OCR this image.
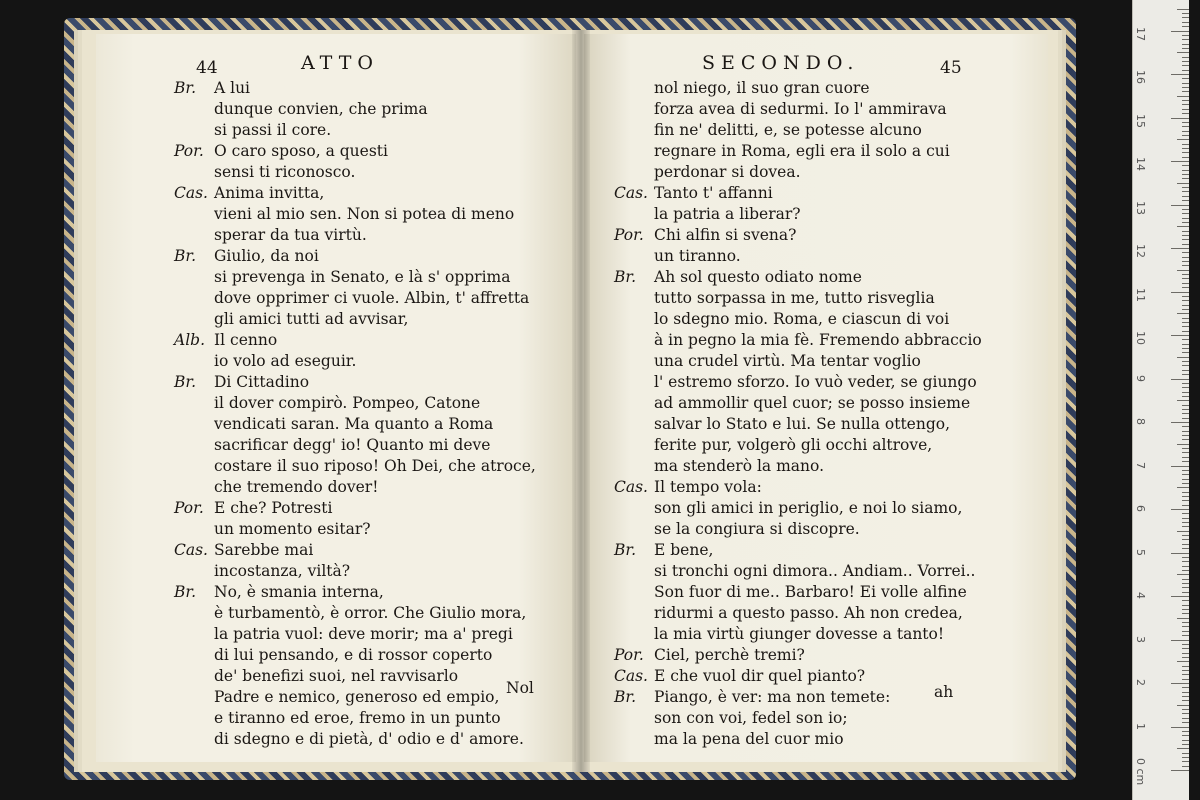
44	ATTO
Br. A lui
dunque convien, che prima
si passi il core.
Por. O caro sposo, a questi
sensi ti riconosco.
Cas. Anima invitta,
vieni al mio sen. Non si potea di meno
sperar da tua virtù.
Br. Giulio, da noi
si prevenga in Senato, e là s' opprima
dove opprimer ci vuole. Albin, t' affretta
gli amici tutti ad avvisar,
Alb. Il cenno
io volo ad eseguir.
Br. Di Cittadino
il dover compirò. Pompeo, Catone
vendicati saran. Ma quanto a Roma
sacrificar degg' io! Quanto mi deve
costare il suo riposo! Oh Dei, che atroce,
che tremendo dover!
Por. E che? Potresti
un momento esitar?
Cas. Sarebbe mai
incostanza, viltà?
Br. No, è smania interna,
è turbamentò, è orror. Che Giulio mora,
la patria vuol: deve morir; ma a' pregi
di lui pensando, e di rossor coperto
de' benefizi suoi, nel ravvisarlo
Padre e nemico, generoso ed empio,
e tiranno ed eroe, fremo in un punto
di sdegno e di pietà, d' odio e d' amore.
Nol
SECONDO.	45
nol niego, il suo gran cuore
forza avea di sedurmi. Io l' ammirava
fin ne' delitti, e, se potesse alcuno
regnare in Roma, egli era il solo a cui
perdonar si dovea.
Cas. Tanto t' affanni
la patria a liberar?
Por. Chi alfin si svena?
un tiranno.
Br. Ah sol questo odiato nome
tutto sorpassa in me, tutto risveglia
lo sdegno mio. Roma, e ciascun di voi
à in pegno la mia fè. Fremendo abbraccio
una crudel virtù. Ma tentar voglio
l' estremo sforzo. Io vuò veder, se giungo
ad ammollir quel cuor; se posso insieme
salvar lo Stato e lui. Se nulla ottengo,
ferite pur, volgerò gli occhi altrove,
ma stenderò la mano.
Cas. Il tempo vola:
son gli amici in periglio, e noi lo siamo,
se la congiura si discopre.
Br. E bene,
si tronchi ogni dimora.. Andiam.. Vorrei..
Son fuor di me.. Barbaro! Ei volle alfine
ridurmi a questo passo. Ah non credea,
la mia virtù giunger dovesse a tanto!
Por. Ciel, perchè tremi?
Cas. E che vuol dir quel pianto?
Br. Piango, è ver: ma non temete:
son con voi, fedel son io;
ma la pena del cuor mio
ah
0 cm
1
2
3
4
5
6
7
8
9
10
11
12
13
14
15
16
17
